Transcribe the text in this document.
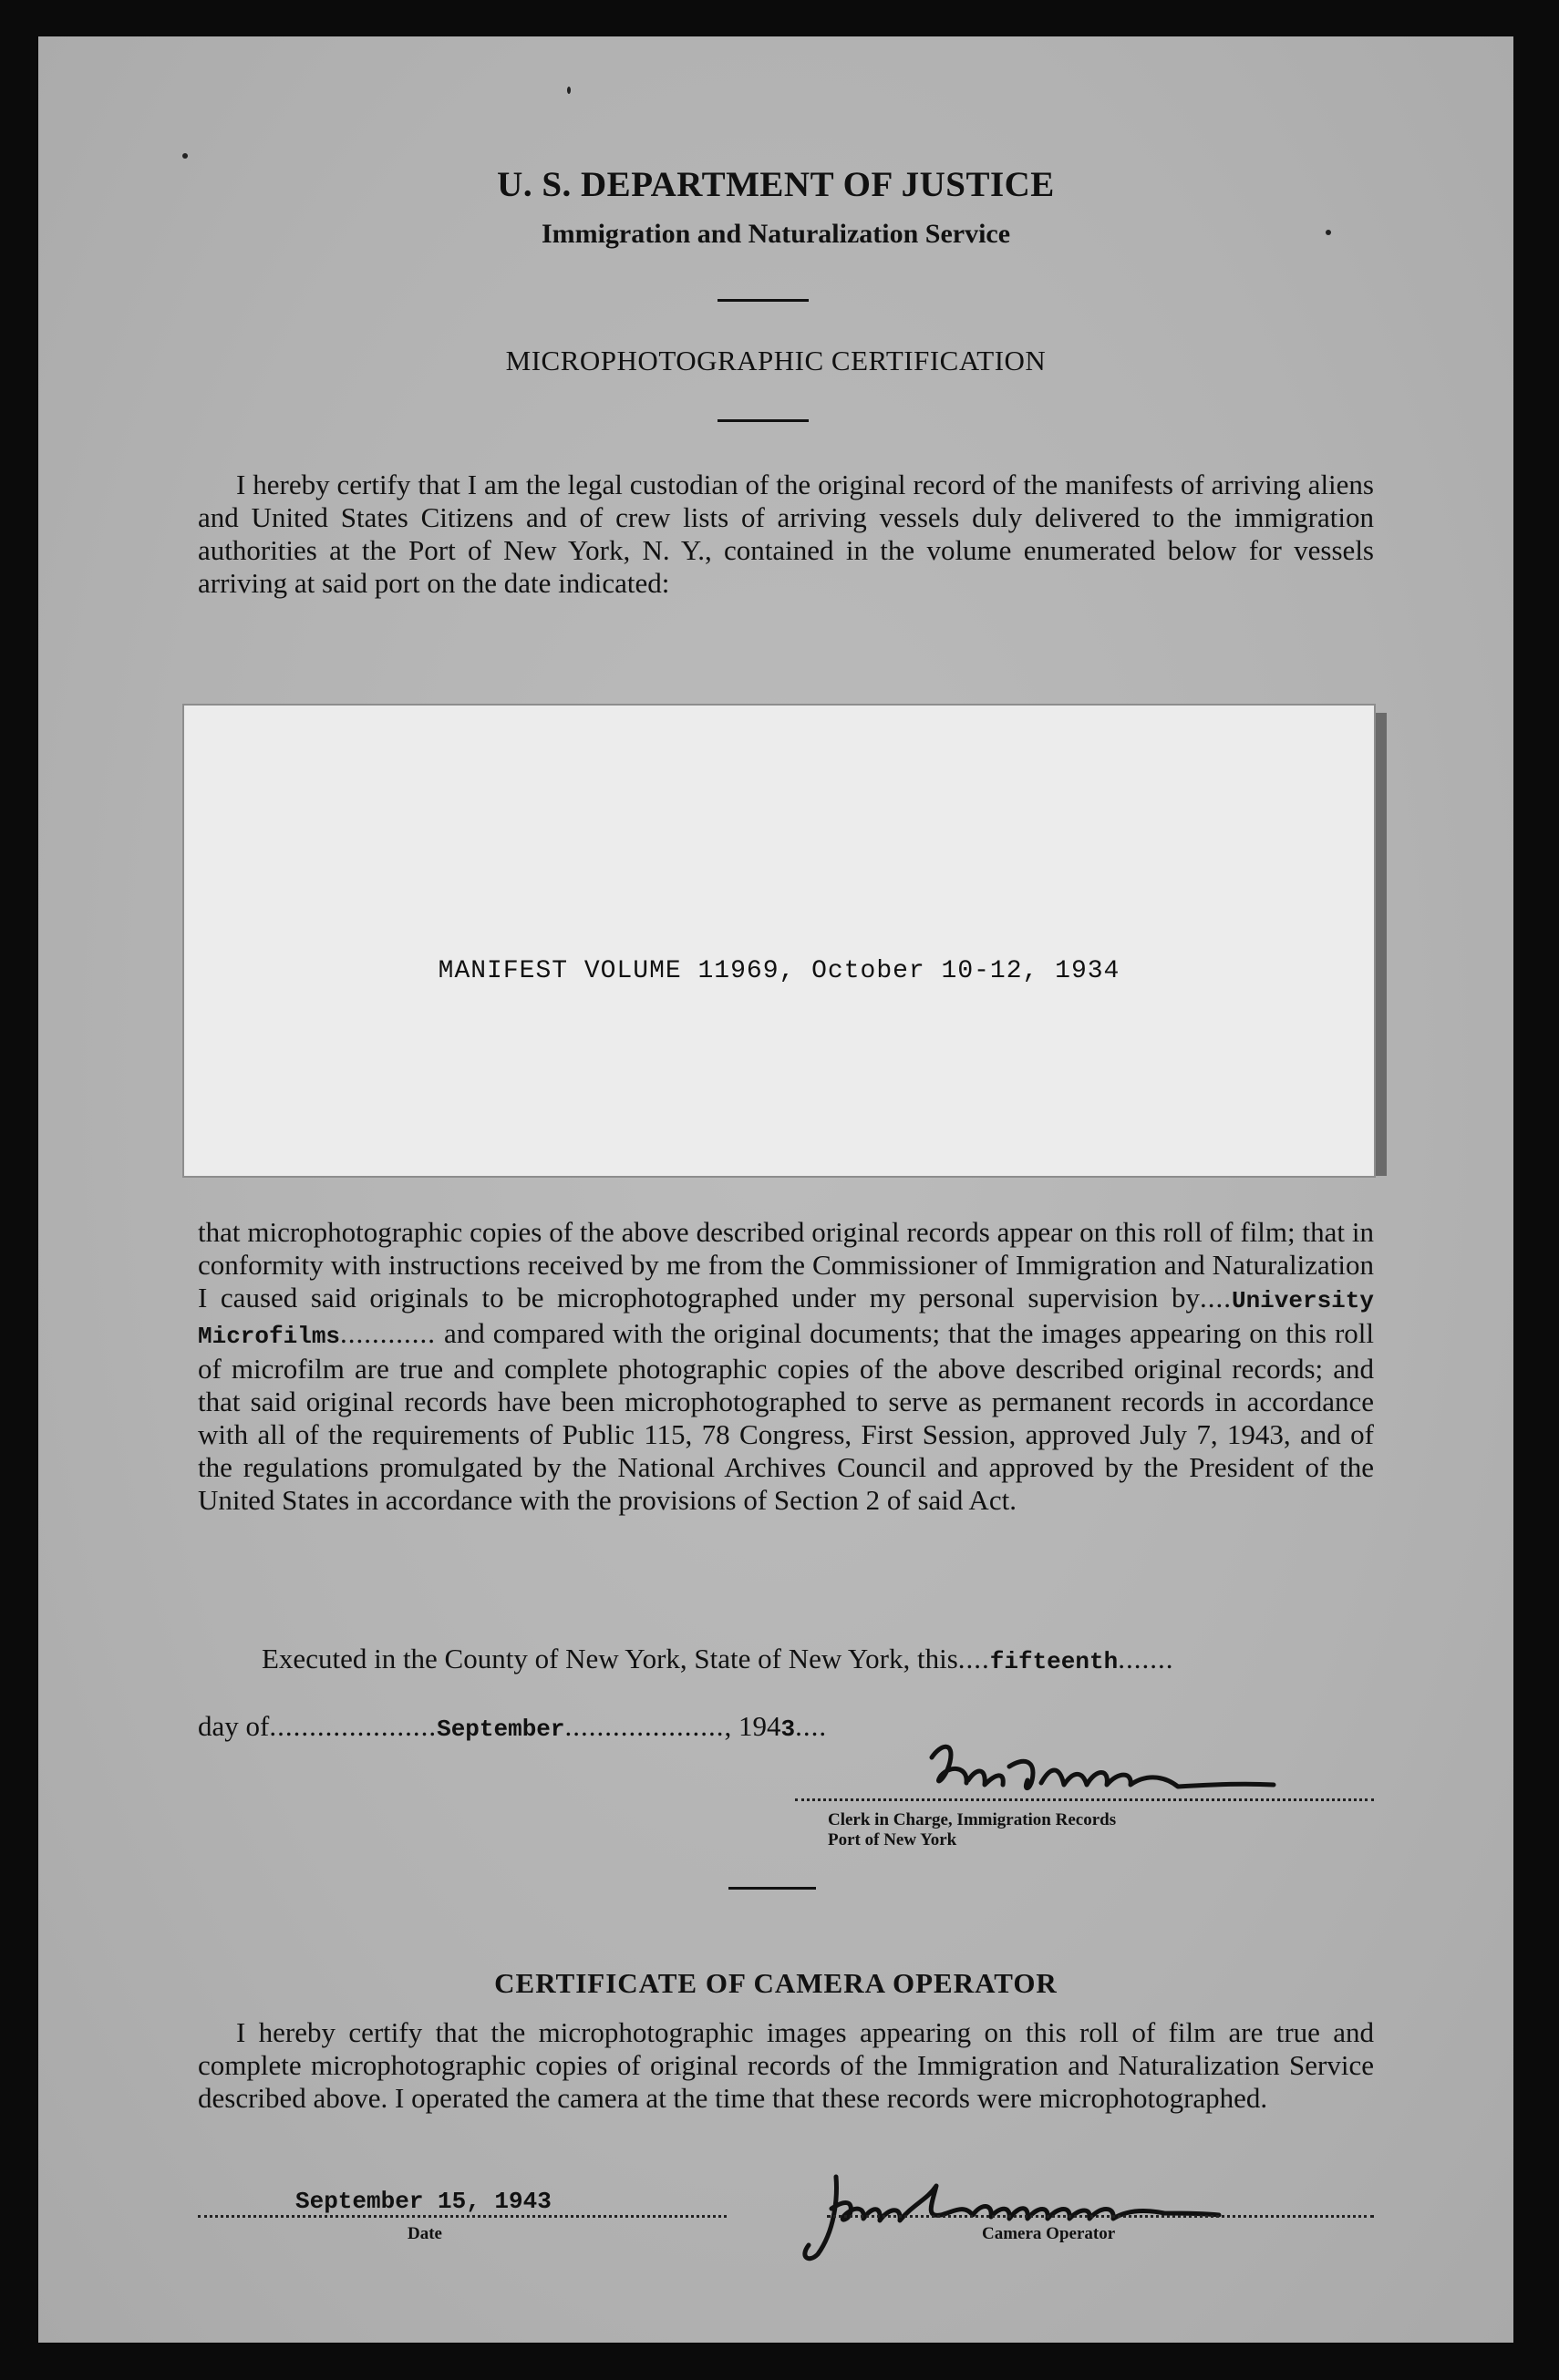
U. S. DEPARTMENT OF JUSTICE
Immigration and Naturalization Service
MICROPHOTOGRAPHIC CERTIFICATION

I hereby certify that I am the legal custodian of the original record of the manifests of arriving aliens and United States Citizens and of crew lists of arriving vessels duly delivered to the immigration authorities at the Port of New York, N. Y., contained in the volume enumerated below for vessels arriving at said port on the date indicated:

MANIFEST VOLUME 11969, October 10-12, 1934

that microphotographic copies of the above described original records appear on this roll of film; that in conformity with instructions received by me from the Commissioner of Immigration and Naturalization I caused said originals to be microphotographed under my personal supervision by....University Microfilms............ and compared with the original documents; that the images appearing on this roll of microfilm are true and complete photographic copies of the above described original records; and that said original records have been microphotographed to serve as permanent records in accordance with all of the requirements of Public 115, 78 Congress, First Session, approved July 7, 1943, and of the regulations promulgated by the National Archives Council and approved by the President of the United States in accordance with the provisions of Section 2 of said Act.

Executed in the County of New York, State of New York, this....fifteenth.......
day of.....................September...................., 1943....
Clerk in Charge, Immigration Records
Port of New York
CERTIFICATE OF CAMERA OPERATOR

I hereby certify that the microphotographic images appearing on this roll of film are true and complete microphotographic copies of original records of the Immigration and Naturalization Service described above. I operated the camera at the time that these records were microphotographed.

September 15, 1943
Date	Camera Operator
